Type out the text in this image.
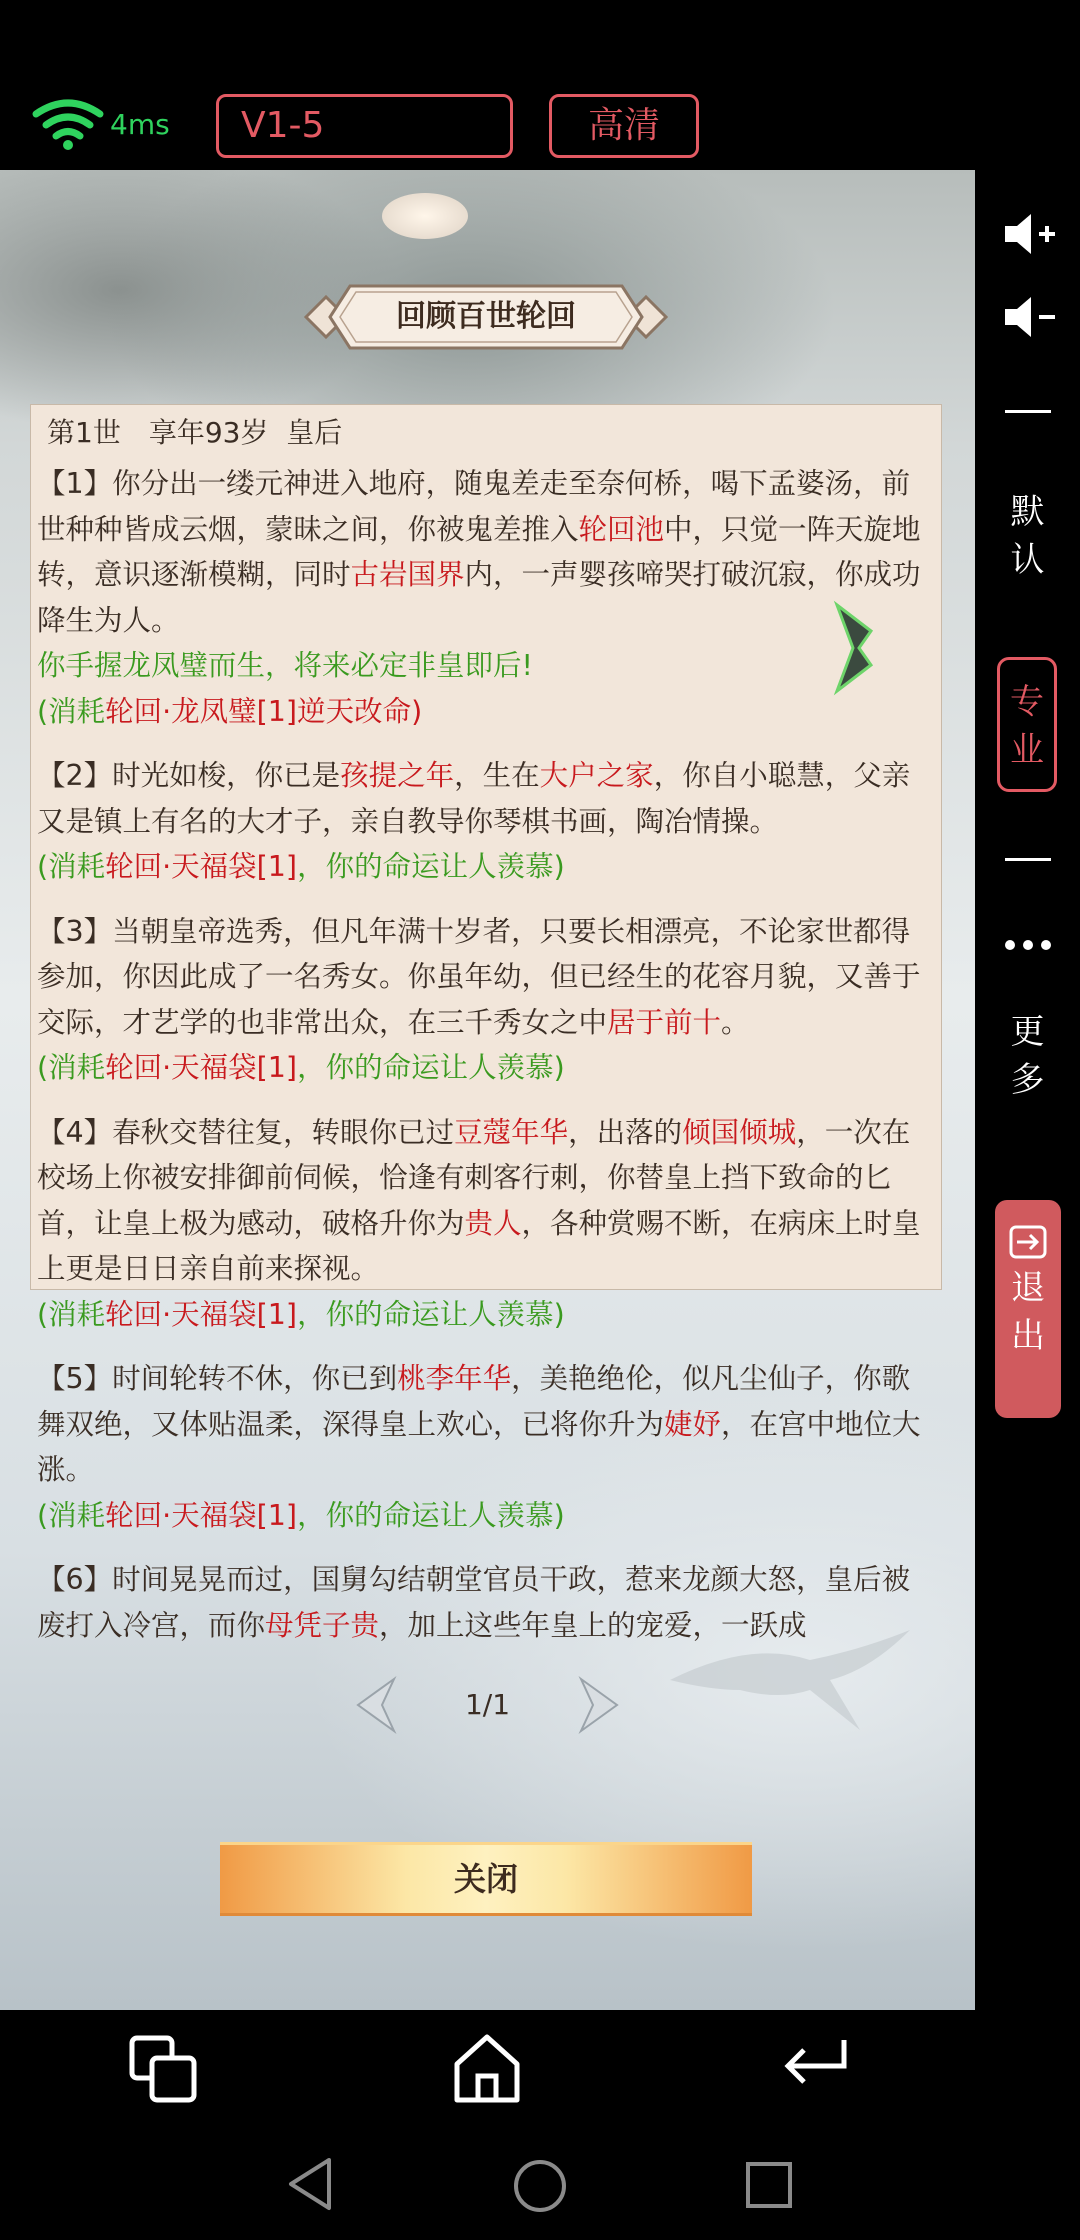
4ms	V1-5	高清
回顾百世轮回
第1世　享年93岁  皇后

【1】你分出一缕元神进入地府，随鬼差走至奈何桥，喝下孟婆汤，前世种种皆成云烟，蒙昧之间，你被鬼差推入轮回池中，只觉一阵天旋地转，意识逐渐模糊，同时古岩国界内，一声婴孩啼哭打破沉寂，你成功降生为人。

你手握龙凤璧而生，将来必定非皇即后!

(消耗轮回·龙凤璧[1]逆天改命)

【2】时光如梭，你已是孩提之年，生在大户之家，你自小聪慧，父亲又是镇上有名的大才子，亲自教导你琴棋书画，陶冶情操。

(消耗轮回·天福袋[1]，你的命运让人羡慕)

【3】当朝皇帝选秀，但凡年满十岁者，只要长相漂亮，不论家世都得参加，你因此成了一名秀女。你虽年幼，但已经生的花容月貌，又善于交际，才艺学的也非常出众，在三千秀女之中居于前十。

(消耗轮回·天福袋[1]，你的命运让人羡慕)

【4】春秋交替往复，转眼你已过豆蔻年华，出落的倾国倾城，一次在校场上你被安排御前伺候，恰逢有刺客行刺，你替皇上挡下致命的匕首，让皇上极为感动，破格升你为贵人，各种赏赐不断，在病床上时皇上更是日日亲自前来探视。

(消耗轮回·天福袋[1]，你的命运让人羡慕)

【5】时间轮转不休，你已到桃李年华，美艳绝伦，似凡尘仙子，你歌舞双绝，又体贴温柔，深得皇上欢心，已将你升为婕妤，在宫中地位大涨。

(消耗轮回·天福袋[1]，你的命运让人羡慕)

【6】时间晃晃而过，国舅勾结朝堂官员干政，惹来龙颜大怒，皇后被废打入冷宫，而你母凭子贵，加上这些年皇上的宠爱，一跃成

1/1
关闭
默
认
专
业
更
多
退
出
